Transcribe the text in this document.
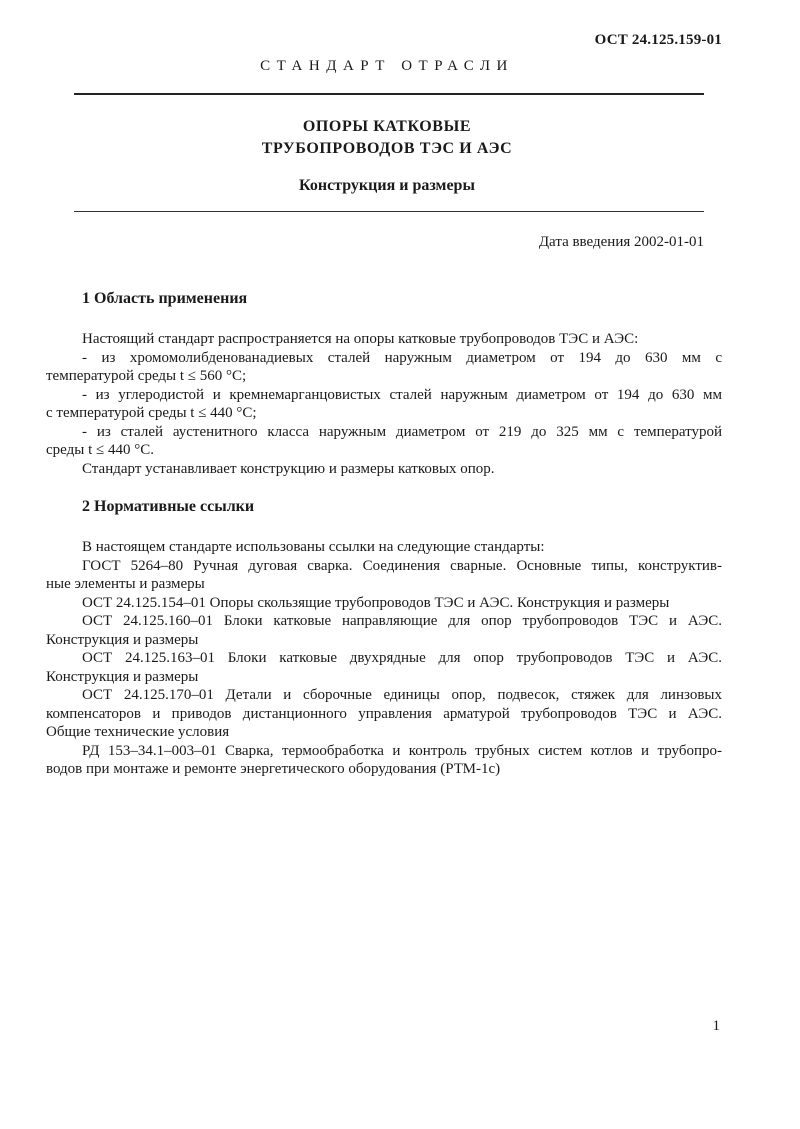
ОСТ 24.125.159-01
СТАНДАРТ ОТРАСЛИ
ОПОРЫ КАТКОВЫЕ
ТРУБОПРОВОДОВ ТЭС И АЭС
Конструкция и размеры
Дата введения 2002-01-01
1 Область применения
Настоящий стандарт распространяется на опоры катковые трубопроводов ТЭС и АЭС:
- из хромомолибденованадиевых сталей наружным диаметром от 194 до 630 мм с
температурой среды t ≤ 560 °С;
- из углеродистой и кремнемарганцовистых сталей наружным диаметром от 194 до 630 мм
с температурой среды t ≤ 440 °С;
- из сталей аустенитного класса наружным диаметром от 219 до 325 мм с температурой
среды t ≤ 440 °С.
Стандарт устанавливает конструкцию и размеры катковых опор.
2 Нормативные ссылки
В настоящем стандарте использованы ссылки на следующие стандарты:
ГОСТ 5264–80 Ручная дуговая сварка. Соединения сварные. Основные типы, конструктив-
ные элементы и размеры
ОСТ 24.125.154–01 Опоры скользящие трубопроводов ТЭС и АЭС. Конструкция и размеры
ОСТ 24.125.160–01 Блоки катковые направляющие для опор трубопроводов ТЭС и АЭС.
Конструкция и размеры
ОСТ 24.125.163–01 Блоки катковые двухрядные для опор трубопроводов ТЭС и АЭС.
Конструкция и размеры
ОСТ 24.125.170–01 Детали и сборочные единицы опор, подвесок, стяжек для линзовых
компенсаторов и приводов дистанционного управления арматурой трубопроводов ТЭС и АЭС.
Общие технические условия
РД 153–34.1–003–01 Сварка, термообработка и контроль трубных систем котлов и трубопро-
водов при монтаже и ремонте энергетического оборудования (РТМ-1с)
1
